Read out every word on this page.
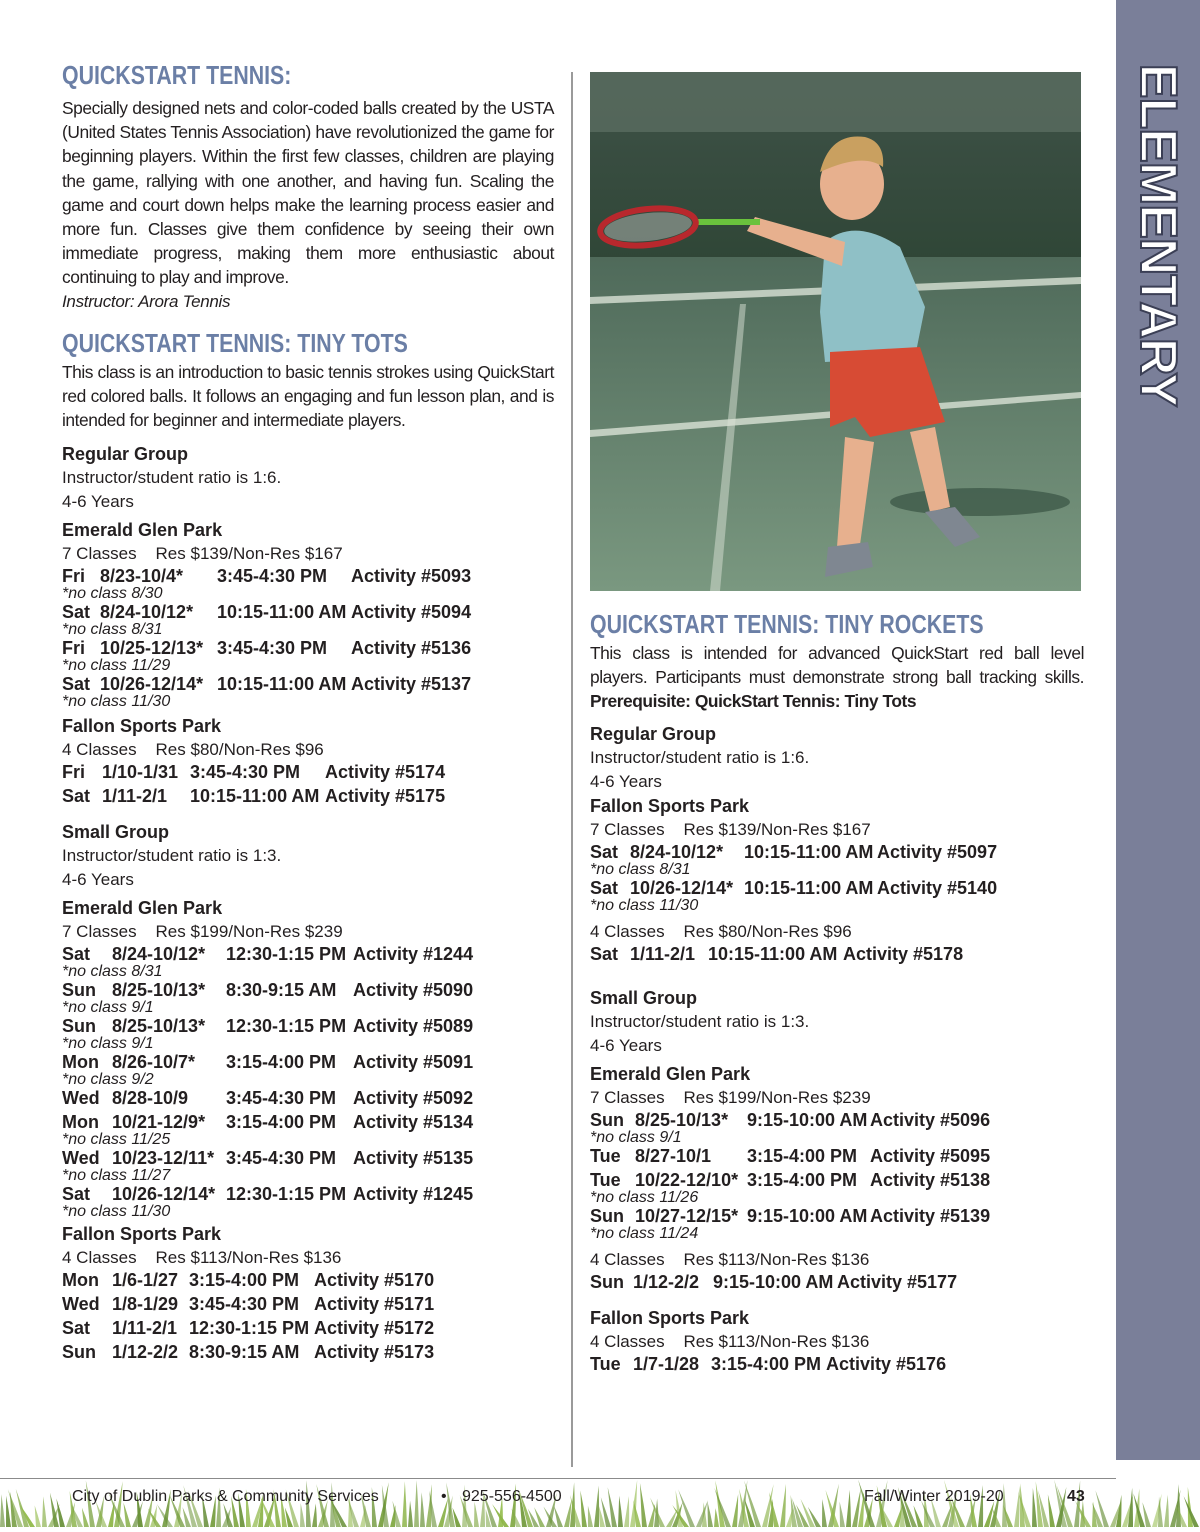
ELEMENTARY
QUICKSTART TENNIS:

Specially designed nets and color-coded balls created by the USTA (United States Tennis Association) have revolutionized the game for beginning players. Within the first few classes, children are playing the game, rallying with one another, and having fun. Scaling the game and court down helps make the learning process easier and more fun. Classes give them confidence by seeing their own immediate progress, making them more enthusiastic about continuing to play and improve.

Instructor: Arora Tennis
QUICKSTART TENNIS: TINY TOTS

This class is an introduction to basic tennis strokes using QuickStart red colored balls. It follows an engaging and fun lesson plan, and is intended for beginner and intermediate players.

Regular Group
Instructor/student ratio is 1:6.
4-6 Years
Emerald Glen Park
7 Classes    Res $139/Non-Res $167
Fri 8/23-10/4* 3:45-4:30 PM Activity #5093
*no class 8/30
Sat 8/24-10/12* 10:15-11:00 AM Activity #5094
*no class 8/31
Fri 10/25-12/13* 3:45-4:30 PM Activity #5136
*no class 11/29
Sat 10/26-12/14* 10:15-11:00 AM Activity #5137
*no class 11/30
Fallon Sports Park
4 Classes    Res $80/Non-Res $96
Fri 1/10-1/31 3:45-4:30 PM Activity #5174
Sat 1/11-2/1 10:15-11:00 AM Activity #5175
Small Group
Instructor/student ratio is 1:3.
4-6 Years
Emerald Glen Park
7 Classes    Res $199/Non-Res $239
Sat 8/24-10/12* 12:30-1:15 PM Activity #1244
*no class 8/31
Sun 8/25-10/13* 8:30-9:15 AM Activity #5090
*no class 9/1
Sun 8/25-10/13* 12:30-1:15 PM Activity #5089
*no class 9/1
Mon 8/26-10/7* 3:15-4:00 PM Activity #5091
*no class 9/2
Wed 8/28-10/9 3:45-4:30 PM Activity #5092
Mon 10/21-12/9* 3:15-4:00 PM Activity #5134
*no class 11/25
Wed 10/23-12/11* 3:45-4:30 PM Activity #5135
*no class 11/27
Sat 10/26-12/14* 12:30-1:15 PM Activity #1245
*no class 11/30
Fallon Sports Park
4 Classes    Res $113/Non-Res $136
Mon 1/6-1/27 3:15-4:00 PM Activity #5170
Wed 1/8-1/29 3:45-4:30 PM Activity #5171
Sat 1/11-2/1 12:30-1:15 PM Activity #5172
Sun 1/12-2/2 8:30-9:15 AM Activity #5173
QUICKSTART TENNIS: TINY ROCKETS

This class is intended for advanced QuickStart red ball level players. Participants must demonstrate strong ball tracking skills. Prerequisite: QuickStart Tennis: Tiny Tots

Regular Group
Instructor/student ratio is 1:6.
4-6 Years
Fallon Sports Park
7 Classes    Res $139/Non-Res $167
Sat 8/24-10/12* 10:15-11:00 AM Activity #5097
*no class 8/31
Sat 10/26-12/14* 10:15-11:00 AM Activity #5140
*no class 11/30
4 Classes    Res $80/Non-Res $96
Sat 1/11-2/1 10:15-11:00 AM Activity #5178
Small Group
Instructor/student ratio is 1:3.
4-6 Years
Emerald Glen Park
7 Classes    Res $199/Non-Res $239
Sun 8/25-10/13* 9:15-10:00 AM Activity #5096
*no class 9/1
Tue 8/27-10/1 3:15-4:00 PM Activity #5095
Tue 10/22-12/10* 3:15-4:00 PM Activity #5138
*no class 11/26
Sun 10/27-12/15* 9:15-10:00 AM Activity #5139
*no class 11/24
4 Classes    Res $113/Non-Res $136
Sun 1/12-2/2 9:15-10:00 AM Activity #5177
Fallon Sports Park
4 Classes    Res $113/Non-Res $136
Tue 1/7-1/28 3:15-4:00 PM Activity #5176
City of Dublin Parks & Community Services	• 925-556-4500	Fall/Winter 2019-20	43
